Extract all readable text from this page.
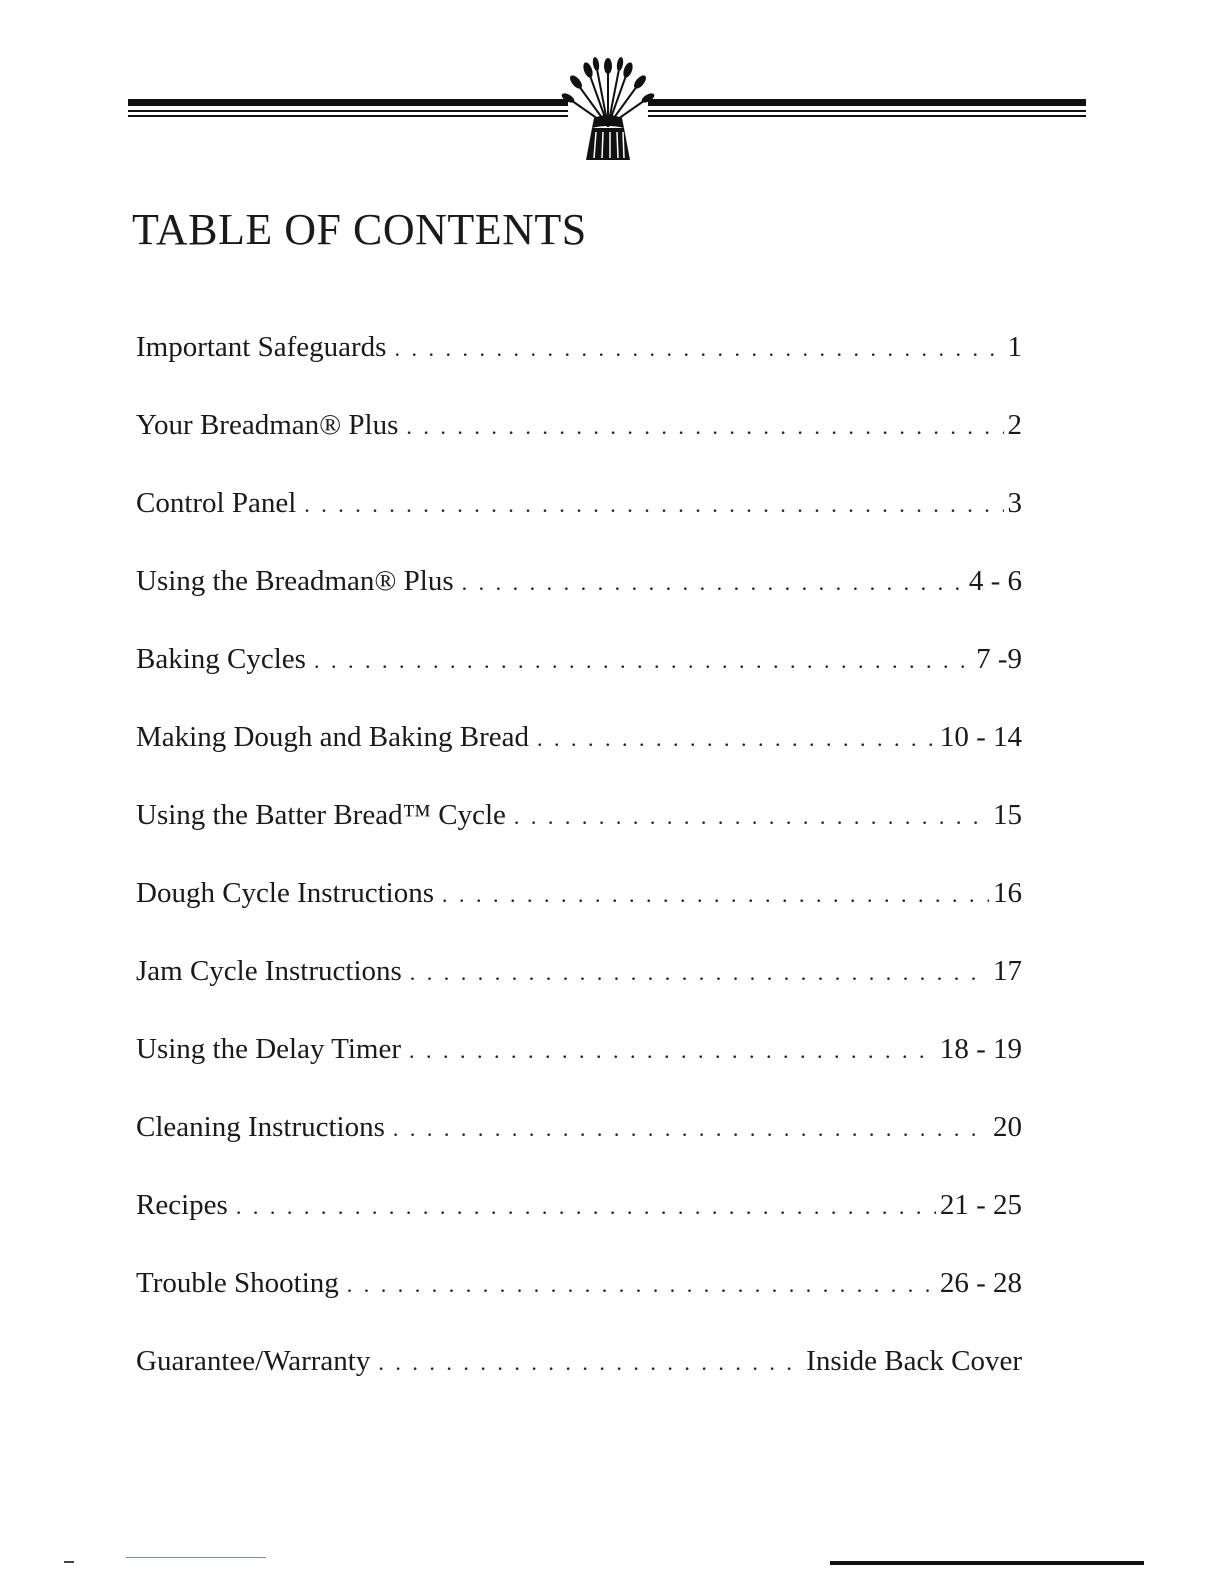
TABLE OF CONTENTS
Important Safeguards . . .	1
Your Breadman® Plus . . .	2
Control Panel . . .	3
Using the Breadman® Plus . . .	4 - 6
Baking Cycles . . .	7 -9
Making Dough and Baking Bread . . .	10 - 14
Using the Batter Bread™ Cycle . . .	15
Dough Cycle Instructions . . .	16
Jam Cycle Instructions . . .	17
Using the Delay Timer . . .	18 - 19
Cleaning Instructions . . .	20
Recipes . . .	21 - 25
Trouble Shooting . . .	26 - 28
Guarantee/Warranty . . .	Inside Back Cover
